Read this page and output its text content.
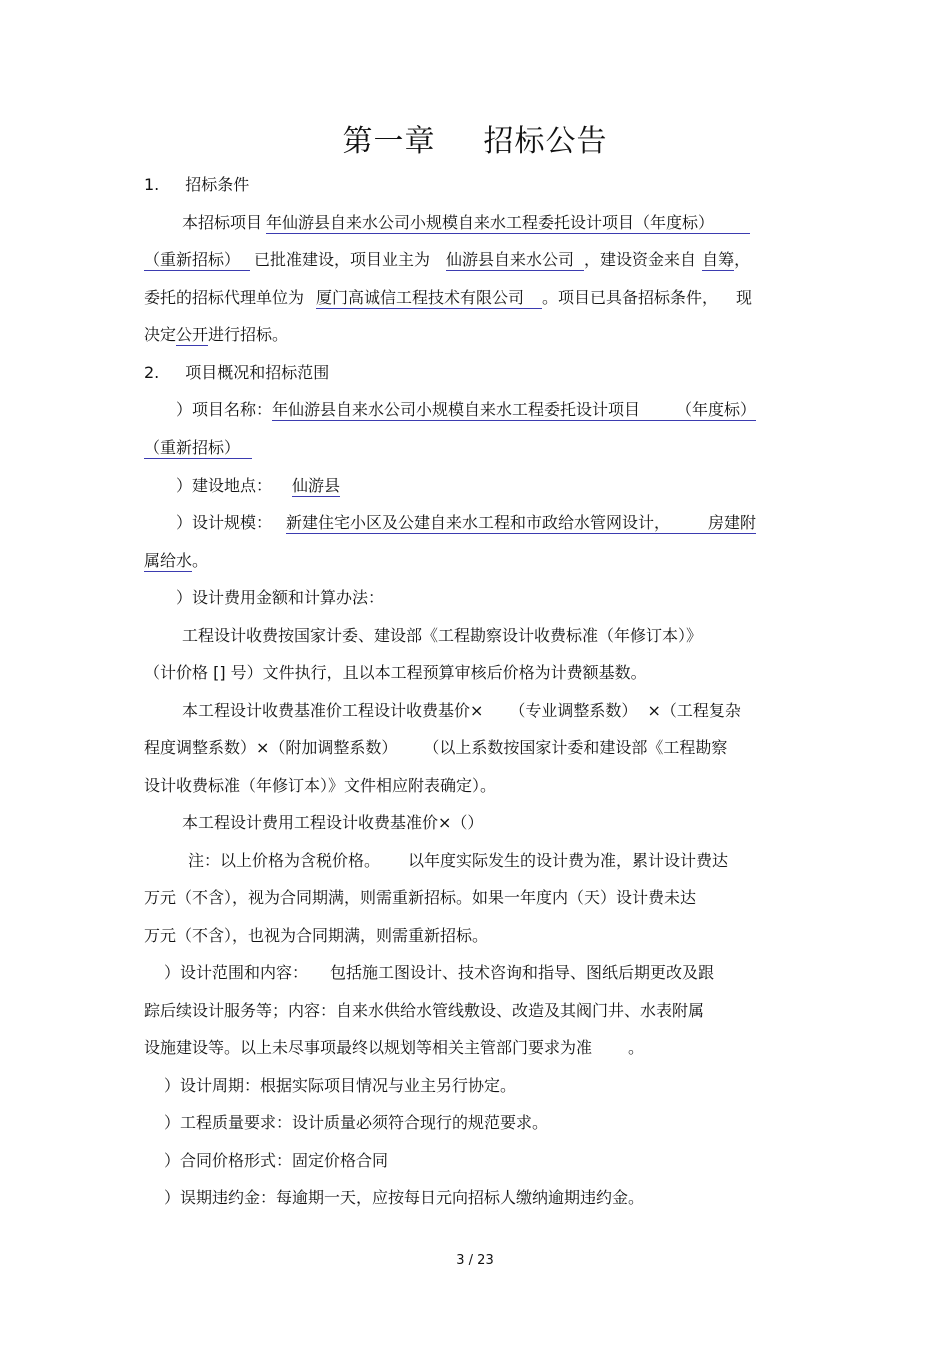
第一章 招标公告
1. 招标条件
本招标项目 年仙游县自来水公司小规模自来水工程委托设计项目（年度标）
（重新招标） 已批准建设，项目业主为 仙游县自来水公司 ，建设资金来自 自筹，
委托的招标代理单位为 厦门高诚信工程技术有限公司 。项目已具备招标条件， 现
决定公开进行招标。
2. 项目概况和招标范围
）项目名称：年仙游县自来水公司小规模自来水工程委托设计项目 （年度标）
（重新招标）
）建设地点： 仙游县
）设计规模： 新建住宅小区及公建自来水工程和市政给水管网设计， 房建附
属给水。
）设计费用金额和计算办法：
工程设计收费按国家计委、建设部《工程勘察设计收费标准（年修订本）》
（计价格 [] 号）文件执行，且以本工程预算审核后价格为计费额基数。
本工程设计收费基准价工程设计收费基价× （专业调整系数） ×（工程复杂
程度调整系数）×（附加调整系数） （以上系数按国家计委和建设部《工程勘察
设计收费标准（年修订本）》文件相应附表确定）。
本工程设计费用工程设计收费基准价×（）
注：以上价格为含税价格。 以年度实际发生的设计费为准，累计设计费达
万元（不含），视为合同期满，则需重新招标。如果一年度内（天）设计费未达
万元（不含），也视为合同期满，则需重新招标。
）设计范围和内容： 包括施工图设计、技术咨询和指导、图纸后期更改及跟
踪后续设计服务等；内容：自来水供给水管线敷设、改造及其阀门井、水表附属
设施建设等。以上未尽事项最终以规划等相关主管部门要求为准 。
）设计周期：根据实际项目情况与业主另行协定。
）工程质量要求：设计质量必须符合现行的规范要求。
）合同价格形式：固定价格合同
）误期违约金：每逾期一天，应按每日元向招标人缴纳逾期违约金。
3 / 23
